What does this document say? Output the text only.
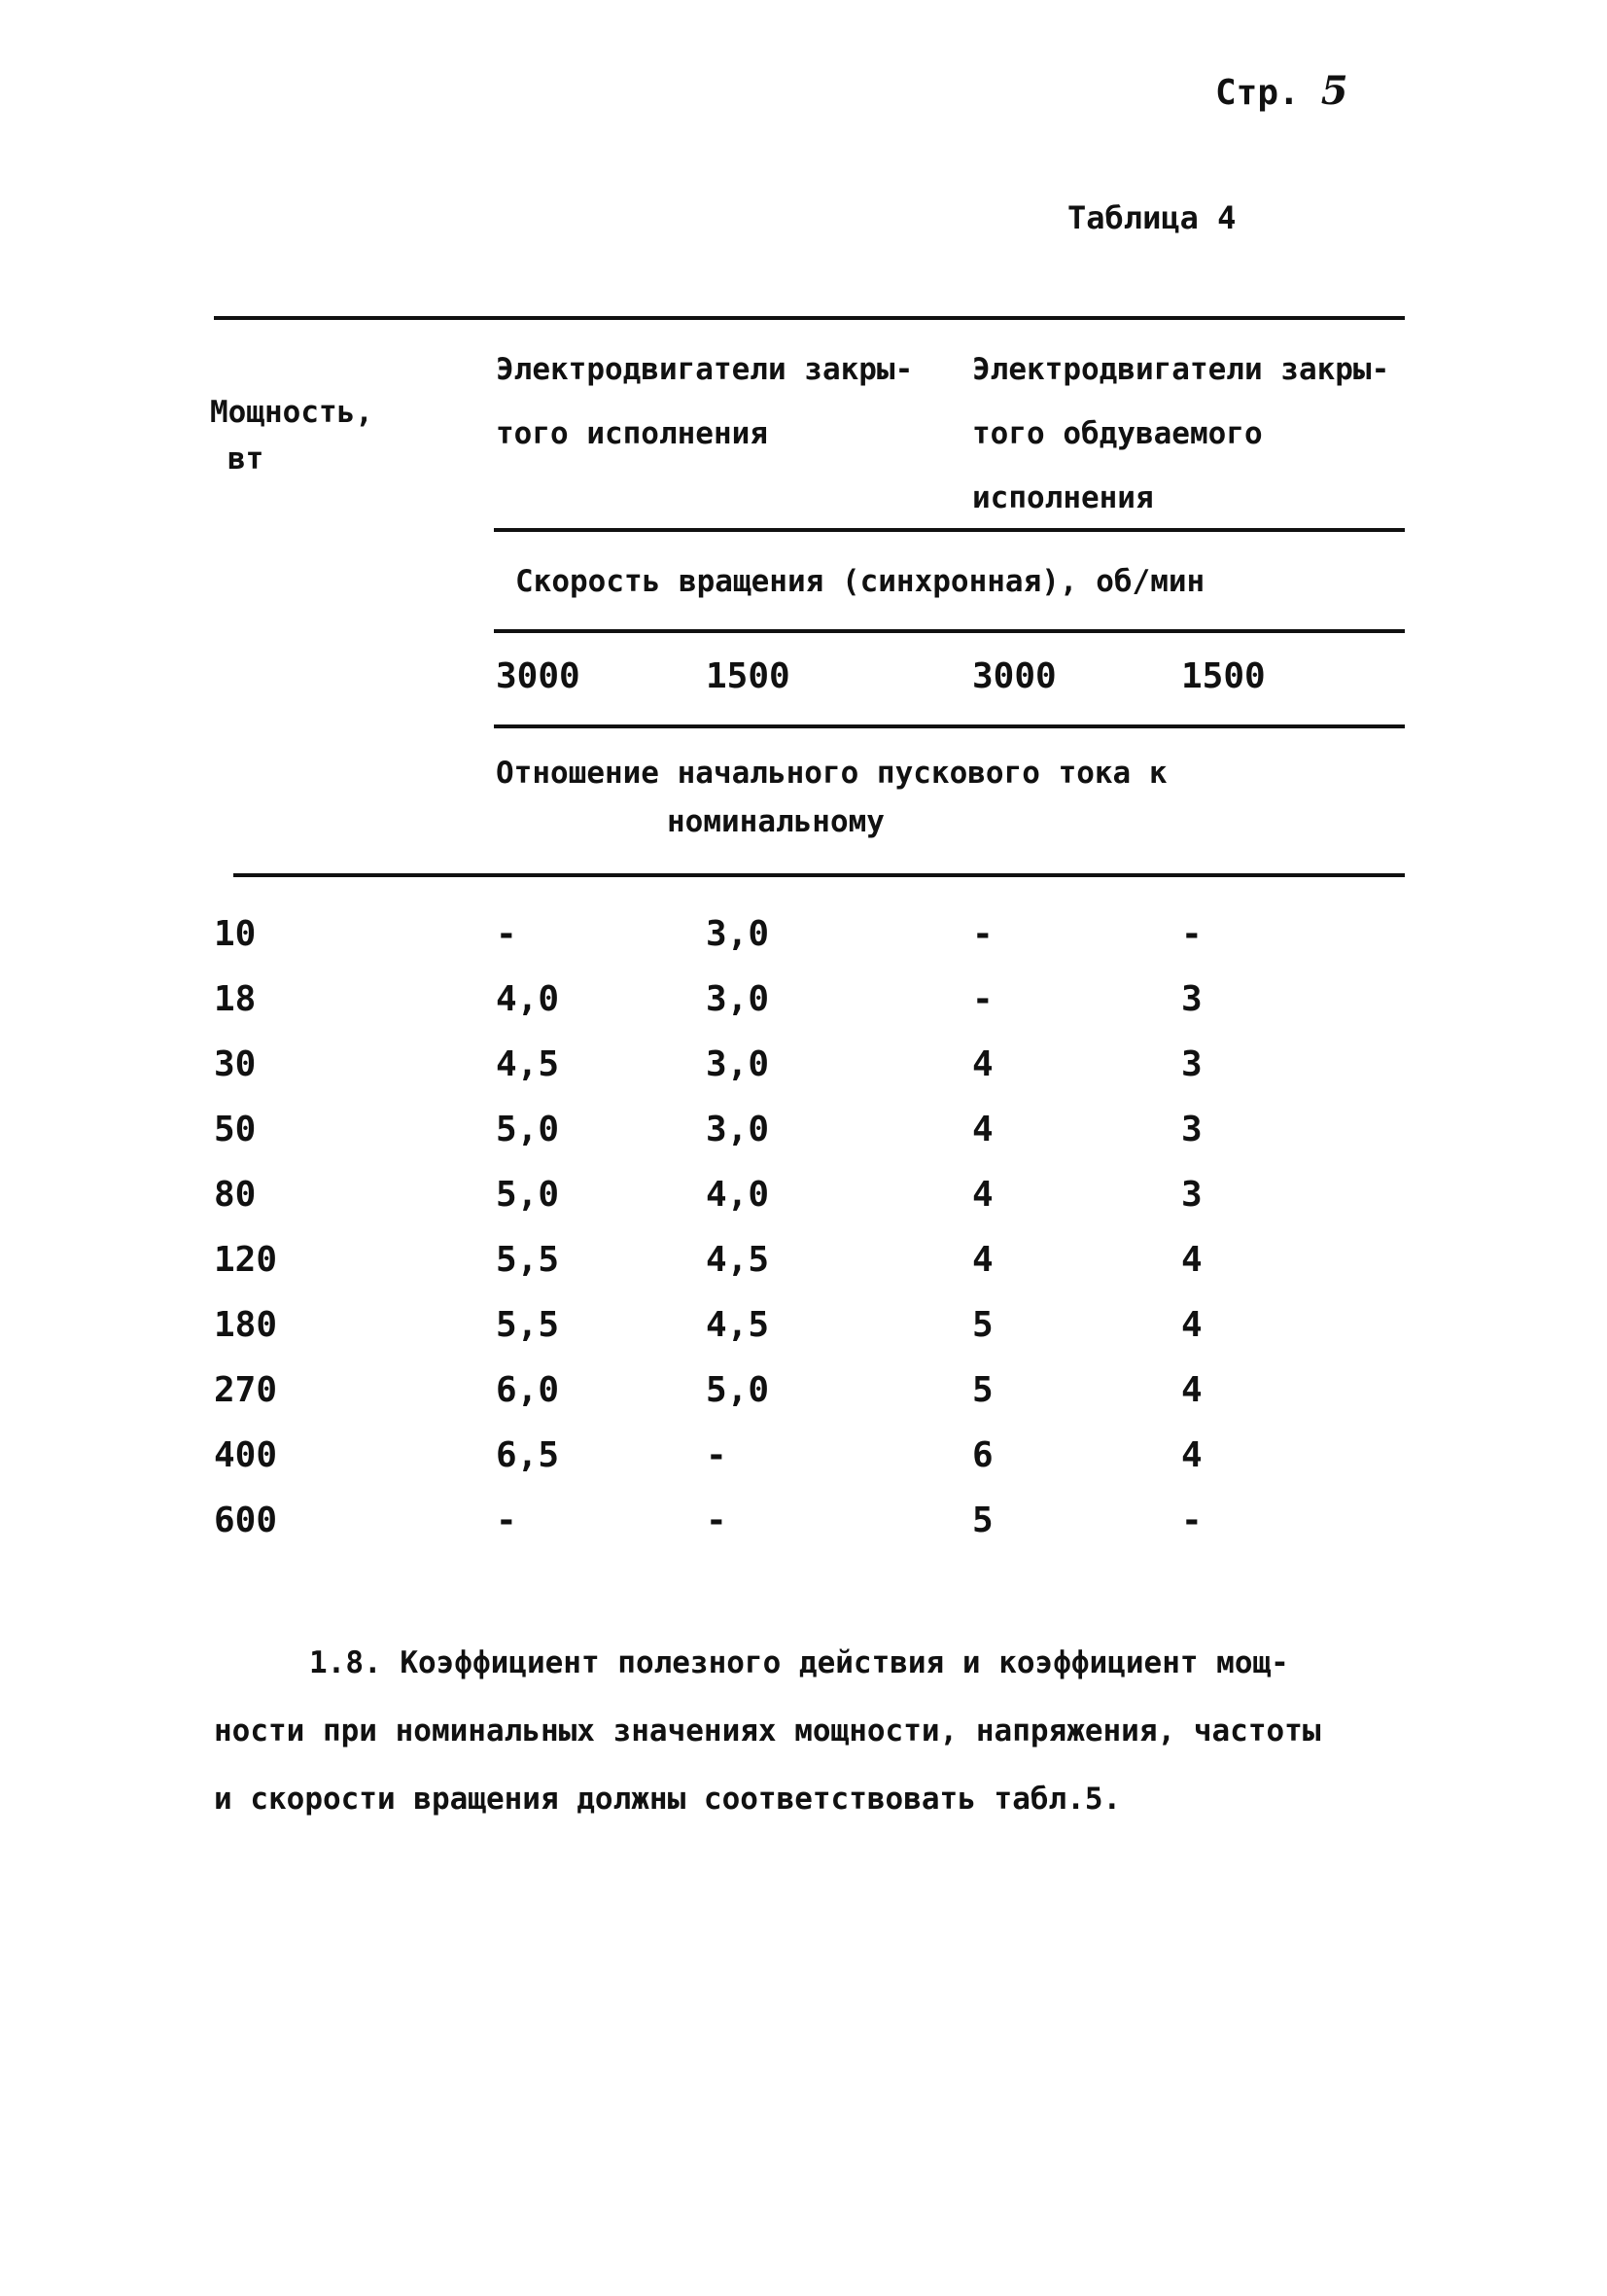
Стр. 5
Таблица 4
Мощность,
вт
Электродвигатели закры-
того исполнения
Электродвигатели закры-
того обдуваемого
исполнения
Скорость вращения (синхронная), об/мин
3000	1500	3000	1500
Отношение начального пускового тока к
номинальному
10	-	3,0	-	-
18	4,0	3,0	-	3
30	4,5	3,0	4	3
50	5,0	3,0	4	3
80	5,0	4,0	4	3
120	5,5	4,5	4	4
180	5,5	4,5	5	4
270	6,0	5,0	5	4
400	6,5	-	6	4
600	-	-	5	-
1.8. Коэффициент полезного действия и коэффициент мощ-
ности при номинальных значениях мощности, напряжения, частоты
и скорости вращения должны соответствовать табл.5.
